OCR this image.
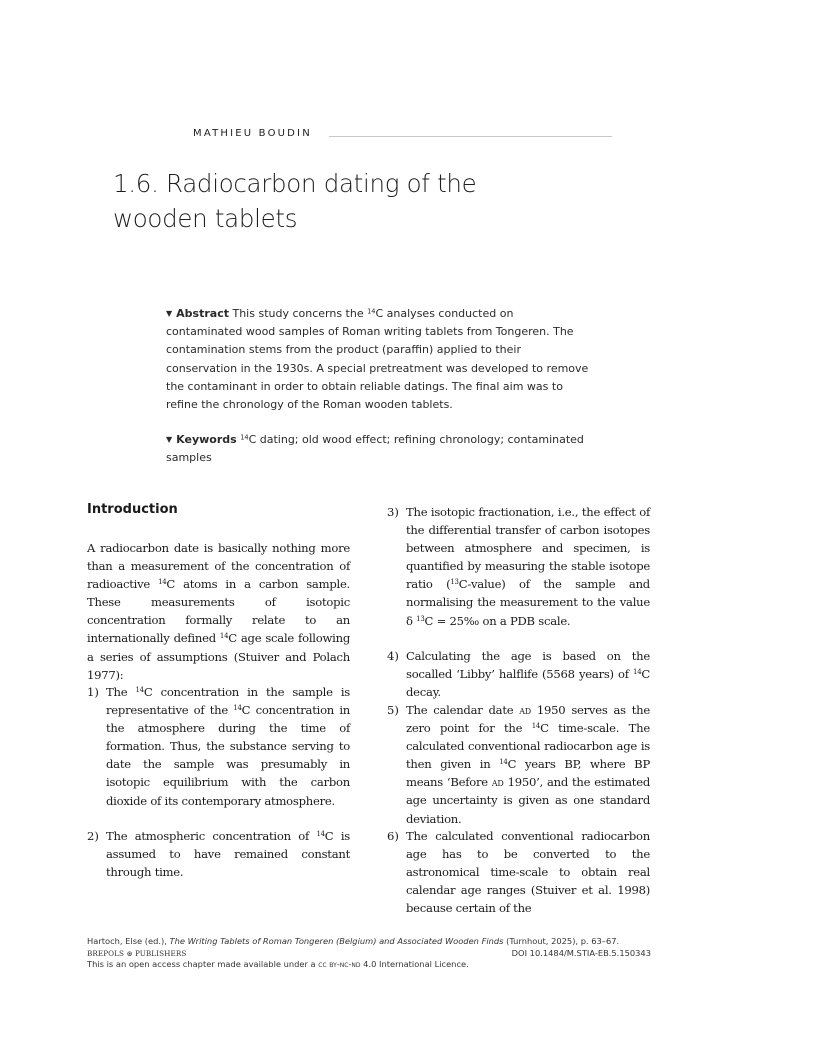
MATHIEU BOUDIN
1.6. Radiocarbon dating of the wooden tablets
▼ Abstract This study concerns the $^{14}$C analyses conducted on contaminated wood samples of Roman writing tablets from Tongeren. The contamination stems from the product (paraffin) applied to their conservation in the 1930s. A special pretreatment was developed to remove the contaminant in order to obtain reliable datings. The final aim was to refine the chronology of the Roman wooden tablets.
▼ Keywords $^{14}$C dating; old wood effect; refining chronology; contaminated samples
Introduction

A radiocarbon date is basically nothing more than a measurement of the concentration of radioactive $^{14}$C atoms in a carbon sample. These measurements of isotopic concentration formally relate to an internationally defined $^{14}$C age scale following a series of assumptions (Stuiver and Polach 1977):

1) The $^{14}$C concentration in the sample is representative of the $^{14}$C concentration in the atmosphere during the time of formation. Thus, the substance serving to date the sample was presumably in isotopic equilibrium with the carbon dioxide of its contemporary atmosphere.
2) The atmospheric concentration of $^{14}$C is assumed to have remained constant through time.
3) The isotopic fractionation, i.e., the effect of the differential transfer of carbon isotopes between atmosphere and specimen, is quantified by measuring the stable isotope ratio ($^{13}$C-value) of the sample and normalising the measurement to the value δ $^{13}$C = 25‰ on a PDB scale.
4) Calculating the age is based on the socalled ‘Libby’ halflife (5568 years) of $^{14}$C decay.
5) The calendar date ad 1950 serves as the zero point for the $^{14}$C time-scale. The calculated conventional radiocarbon age is then given in $^{14}$C years BP, where BP means ‘Before ad 1950’, and the estimated age uncertainty is given as one standard deviation.
6) The calculated conventional radiocarbon age has to be converted to the astronomical time-scale to obtain real calendar age ranges (Stuiver et al. 1998) because certain of the
Hartoch, Else (ed.), The Writing Tablets of Roman Tongeren (Belgium) and Associated Wooden Finds (Turnhout, 2025), p. 63–67.
BREPOLS ⊛ PUBLISHERS	DOI 10.1484/M.STIA-EB.5.150343
This is an open access chapter made available under a cc by-nc-nd 4.0 International Licence.
